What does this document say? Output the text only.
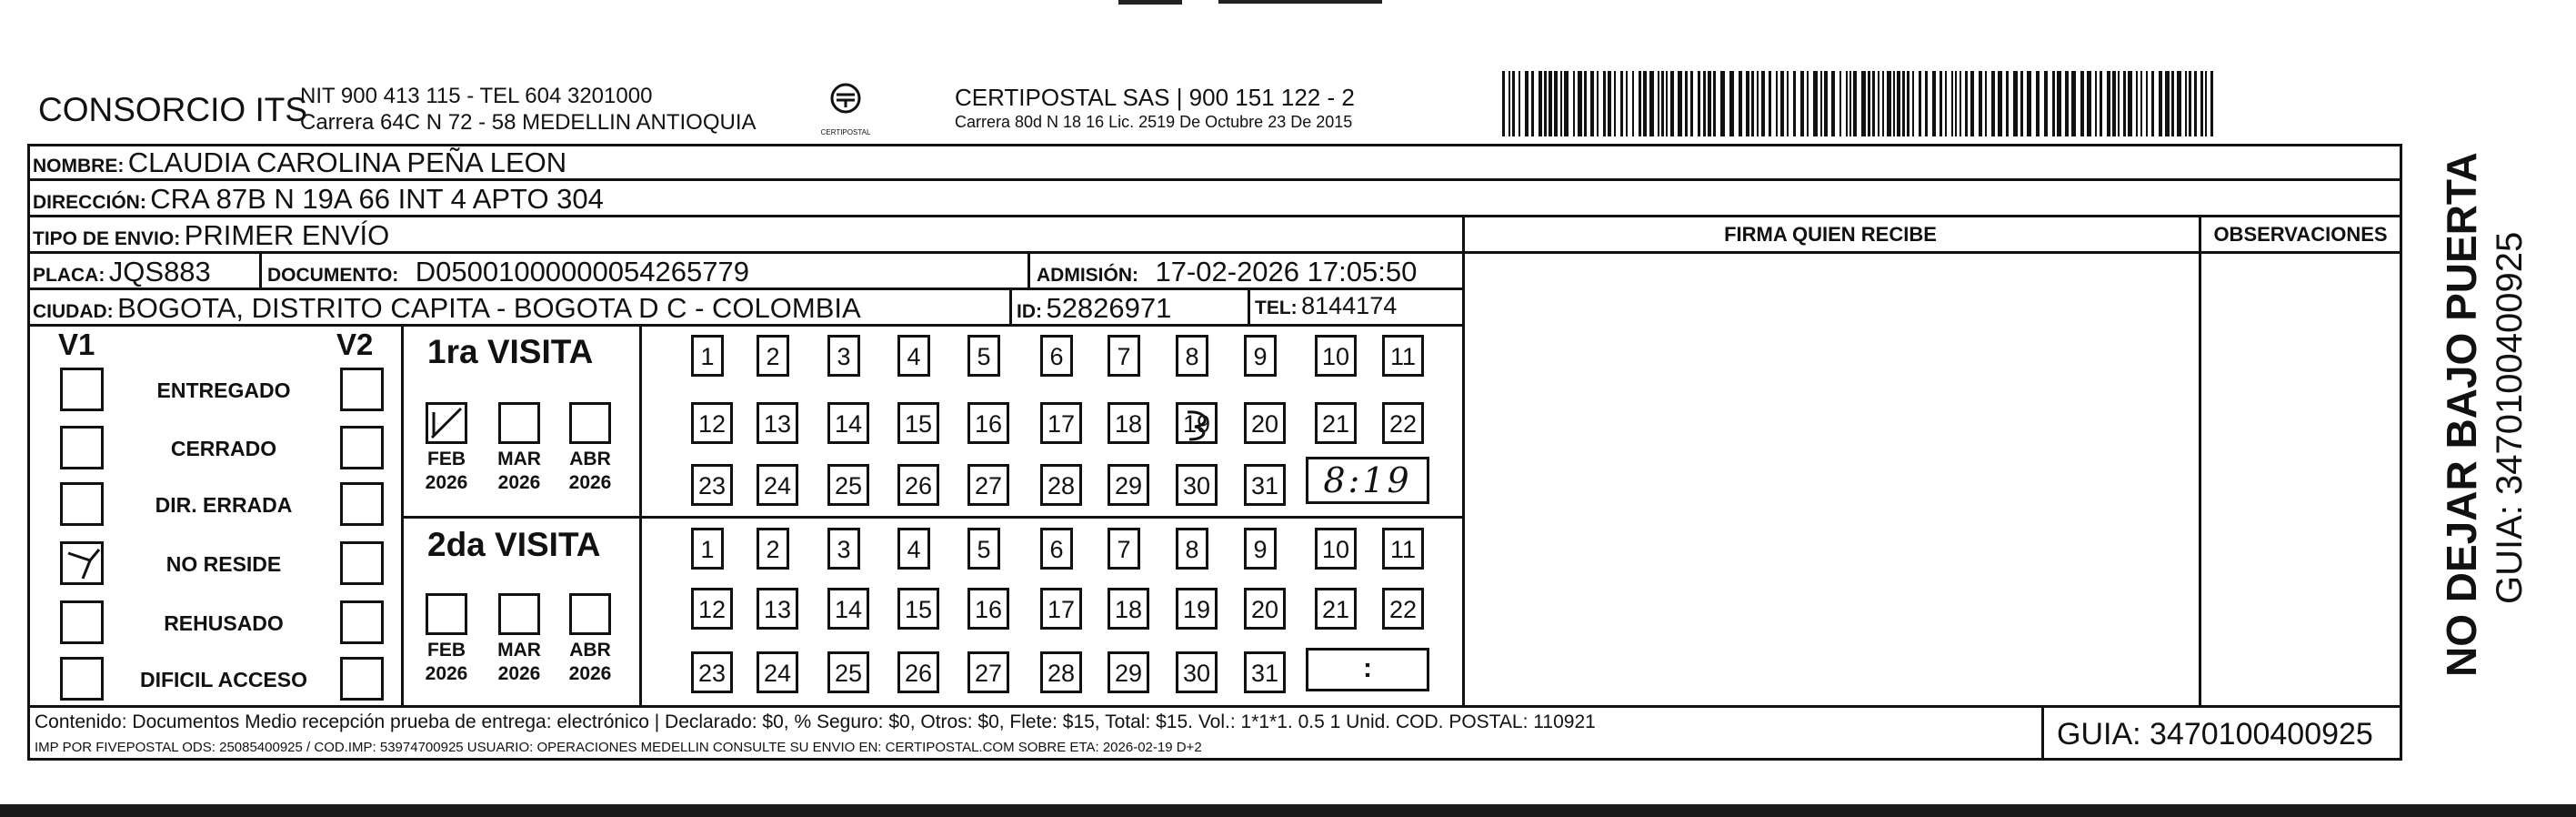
CONSORCIO ITS
NIT 900 413 115 - TEL 604 3201000
Carrera 64C N 72 - 58 MEDELLIN ANTIOQUIA	CERTIPOSTAL
CERTIPOSTAL SAS | 900 151 122 - 2
Carrera 80d N 18 16 Lic. 2519 De Octubre 23 De 2015
NOMBRE: CLAUDIA CAROLINA PEÑA LEON
DIRECCIÓN: CRA 87B N 19A 66 INT 4 APTO 304
TIPO DE ENVIO: PRIMER ENVÍO
PLACA: JQS883	DOCUMENTO: D05001000000054265779	ADMISIÓN: 17-02-2026 17:05:50
CIUDAD: BOGOTA, DISTRITO CAPITA - BOGOTA D C - COLOMBIA	ID: 52826971	TEL: 8144174
FIRMA QUIEN RECIBE	OBSERVACIONES
V1	V2
ENTREGADO
CERRADO
DIR. ERRADA
NO RESIDE
REHUSADO
DIFICIL ACCESO
1ra VISITA
2da VISITA
FEB
2026
MAR
2026
ABR
2026
FEB
2026
MAR
2026
ABR
2026
1	2	3	4	5	6	7	8	9	10	11
12 13 14 15 16 17 18 19 20 21 22
23 24 25 26 27 28 29 30 31
1	2	3	4	5	6	7	8	9	10	11
12 13 14 15 16 17 18 19 20 21 22
23 24 25 26 27 28 29 30 31
8:19
:
Contenido: Documentos Medio recepción prueba de entrega: electrónico | Declarado: $0, % Seguro: $0, Otros: $0, Flete: $15, Total: $15. Vol.: 1*1*1. 0.5 1 Unid. COD. POSTAL: 110921
IMP POR FIVEPOSTAL ODS: 25085400925 / COD.IMP: 53974700925 USUARIO: OPERACIONES MEDELLIN CONSULTE SU ENVIO EN: CERTIPOSTAL.COM SOBRE ETA: 2026-02-19 D+2	GUIA: 3470100400925
NO DEJAR BAJO PUERTA GUIA: 3470100400925
